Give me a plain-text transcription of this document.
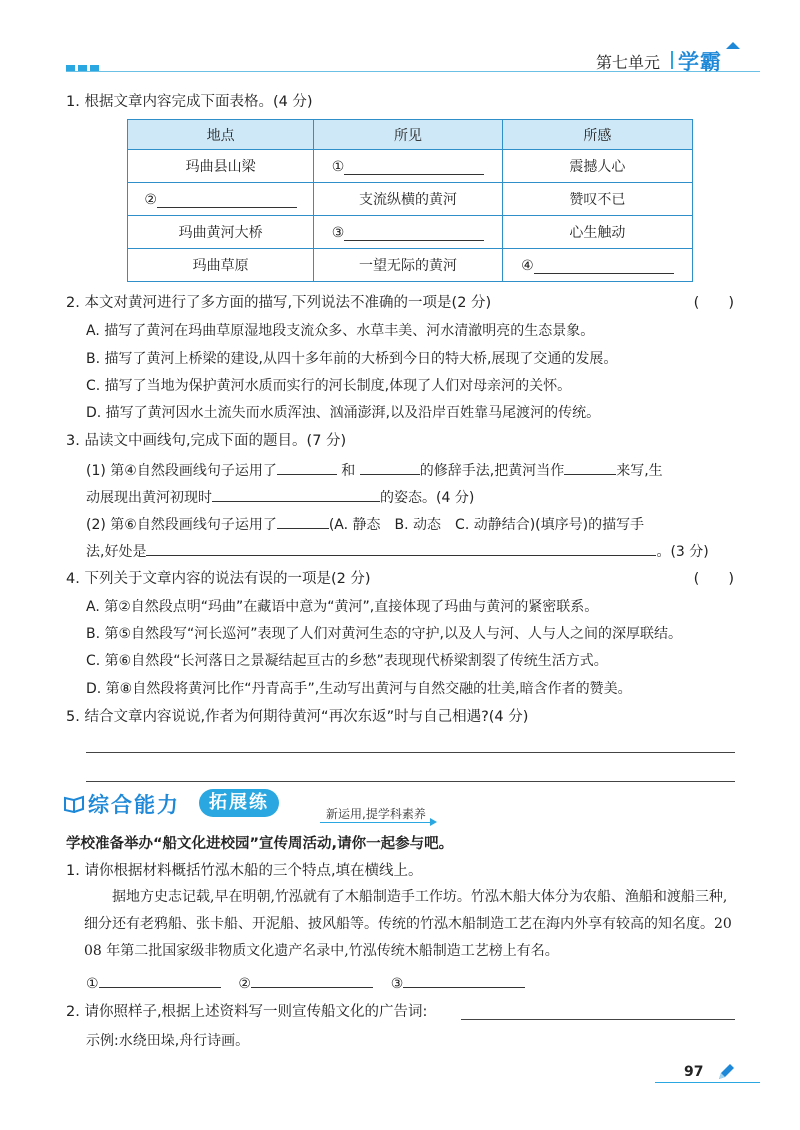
第七单元 学霸
1. 根据文章内容完成下面表格。(4 分)
地点	所见	所感
玛曲县山梁	①	震撼人心
②	支流纵横的黄河	赞叹不已
玛曲黄河大桥	③	心生触动
玛曲草原	一望无际的黄河	④
2. 本文对黄河进行了多方面的描写,下列说法不准确的一项是(2 分)	(　　)
A. 描写了黄河在玛曲草原湿地段支流众多、水草丰美、河水清澈明亮的生态景象。
B. 描写了黄河上桥梁的建设,从四十多年前的大桥到今日的特大桥,展现了交通的发展。
C. 描写了当地为保护黄河水质而实行的河长制度,体现了人们对母亲河的关怀。
D. 描写了黄河因水土流失而水质浑浊、汹涌澎湃,以及沿岸百姓靠马尾渡河的传统。
3. 品读文中画线句,完成下面的题目。(7 分)
(1) 第④自然段画线句子运用了	和	的修辞手法,把黄河当作	来写,生
动展现出黄河初现时	的姿态。(4 分)
(2) 第⑥自然段画线句子运用了	(A. 静态　B. 动态　C. 动静结合)(填序号)的描写手
法,好处是	。(3 分)
4. 下列关于文章内容的说法有误的一项是(2 分)	(　　)
A. 第②自然段点明“玛曲”在藏语中意为“黄河”,直接体现了玛曲与黄河的紧密联系。
B. 第⑤自然段写“河长巡河”表现了人们对黄河生态的守护,以及人与河、人与人之间的深厚联结。
C. 第⑥自然段“长河落日之景凝结起亘古的乡愁”表现现代桥梁割裂了传统生活方式。
D. 第⑧自然段将黄河比作“丹青高手”,生动写出黄河与自然交融的壮美,暗含作者的赞美。
5. 结合文章内容说说,作者为何期待黄河“再次东返”时与自己相遇?(4 分)
综合能力	拓展练
新运用,提学科素养
学校准备举办“船文化进校园”宣传周活动,请你一起参与吧。
1. 请你根据材料概括竹泓木船的三个特点,填在横线上。
据地方史志记载,早在明朝,竹泓就有了木船制造手工作坊。竹泓木船大体分为农船、渔船和渡船三种,细分还有老鸦船、张卡船、开泥船、披风船等。传统的竹泓木船制造工艺在海内外享有较高的知名度。2008 年第二批国家级非物质文化遗产名录中,竹泓传统木船制造工艺榜上有名。
①	②	③
2. 请你照样子,根据上述资料写一则宣传船文化的广告词:
示例:水绕田垛,舟行诗画。
97
